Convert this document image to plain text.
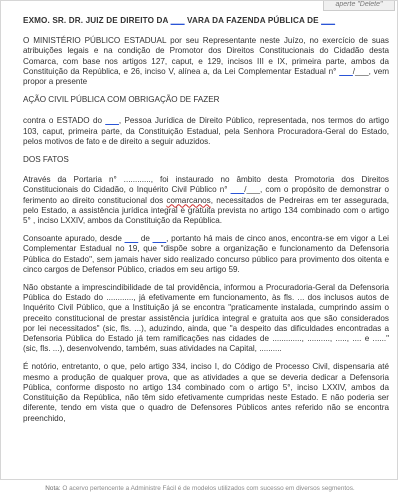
aperte "Delete"
EXMO. SR. DR. JUIZ DE DIREITO DA ___ VARA DA FAZENDA PÚBLICA DE ___

O MINISTÉRIO PÚBLICO ESTADUAL por seu Representante neste Juízo, no exercício de suas atribuições legais e na condição de Promotor dos Direitos Constitucionais do Cidadão desta Comarca, com base nos artigos 127, caput, e 129, incisos III e IX, primeira parte, ambos da Constituição da República, e 26, inciso V, alínea a, da Lei Complementar Estadual n° ___/___, vem propor a presente

AÇÃO CIVIL PÚBLICA COM OBRIGAÇÃO DE FAZER

contra o ESTADO do ___, Pessoa Jurídica de Direito Público, representada, nos termos do artigo 103, caput, primeira parte, da Constituição Estadual, pela Senhora Procuradora-Geral do Estado, pelos motivos de fato e de direito a seguir aduzidos.

DOS FATOS

Através da Portaria n° ............, foi instaurado no âmbito desta Promotoria dos Direitos Constitucionais do Cidadão, o Inquérito Civil Público n° ___/___, com o propósito de demonstrar o ferimento ao direito constitucional dos comarcanos, necessitados de Pedreiras em ter assegurada, pelo Estado, a assistência jurídica integral e gratuita prevista no artigo 134 combinado com o artigo 5° , inciso LXXIV, ambos da Constituição da República.

Consoante apurado, desde ___ de ___, portanto há mais de cinco anos, encontra-se em vigor a Lei Complementar Estadual no 19, que "dispõe sobre a organização e funcionamento da Defensoria Pública do Estado", sem jamais haver sido realizado concurso público para provimento dos oitenta e cinco cargos de Defensor Público, criados em seu artigo 59.

Não obstante a imprescindibilidade de tal providência, informou a Procuradoria-Geral da Defensoria Pública do Estado do ............, já efetivamente em funcionamento, às fls. ... dos inclusos autos de Inquérito Civil Público, que a Instituição já se encontra "praticamente instalada, cumprindo assim o preceito constitucional de prestar assistência jurídica integral e gratuita aos que são considerados por lei necessitados" (sic, fls. ...), aduzindo, ainda, que "a despeito das dificuldades encontradas a Defensoria Pública do Estado já tem ramificações nas cidades de ............., .........., ....., .... e ......" (sic, fls. ...), desenvolvendo, também, suas atividades na Capital, ..........

É notório, entretanto, o que, pelo artigo 334, inciso I, do Código de Processo Civil, dispensaria até mesmo a produção de qualquer prova, que as atividades a que se deveria dedicar a Defensoria Pública, conforme disposto no artigo 134 combinado com o artigo 5°, inciso LXXIV, ambos da Constituição da República, não têm sido efetivamente cumpridas neste Estado. E não poderia ser diferente, tendo em vista que o quadro de Defensores Públicos antes referido não se encontra preenchido,

Nota: O acervo pertencente a Administre Fácil é de modelos utilizados com sucesso em diversos segmentos.
